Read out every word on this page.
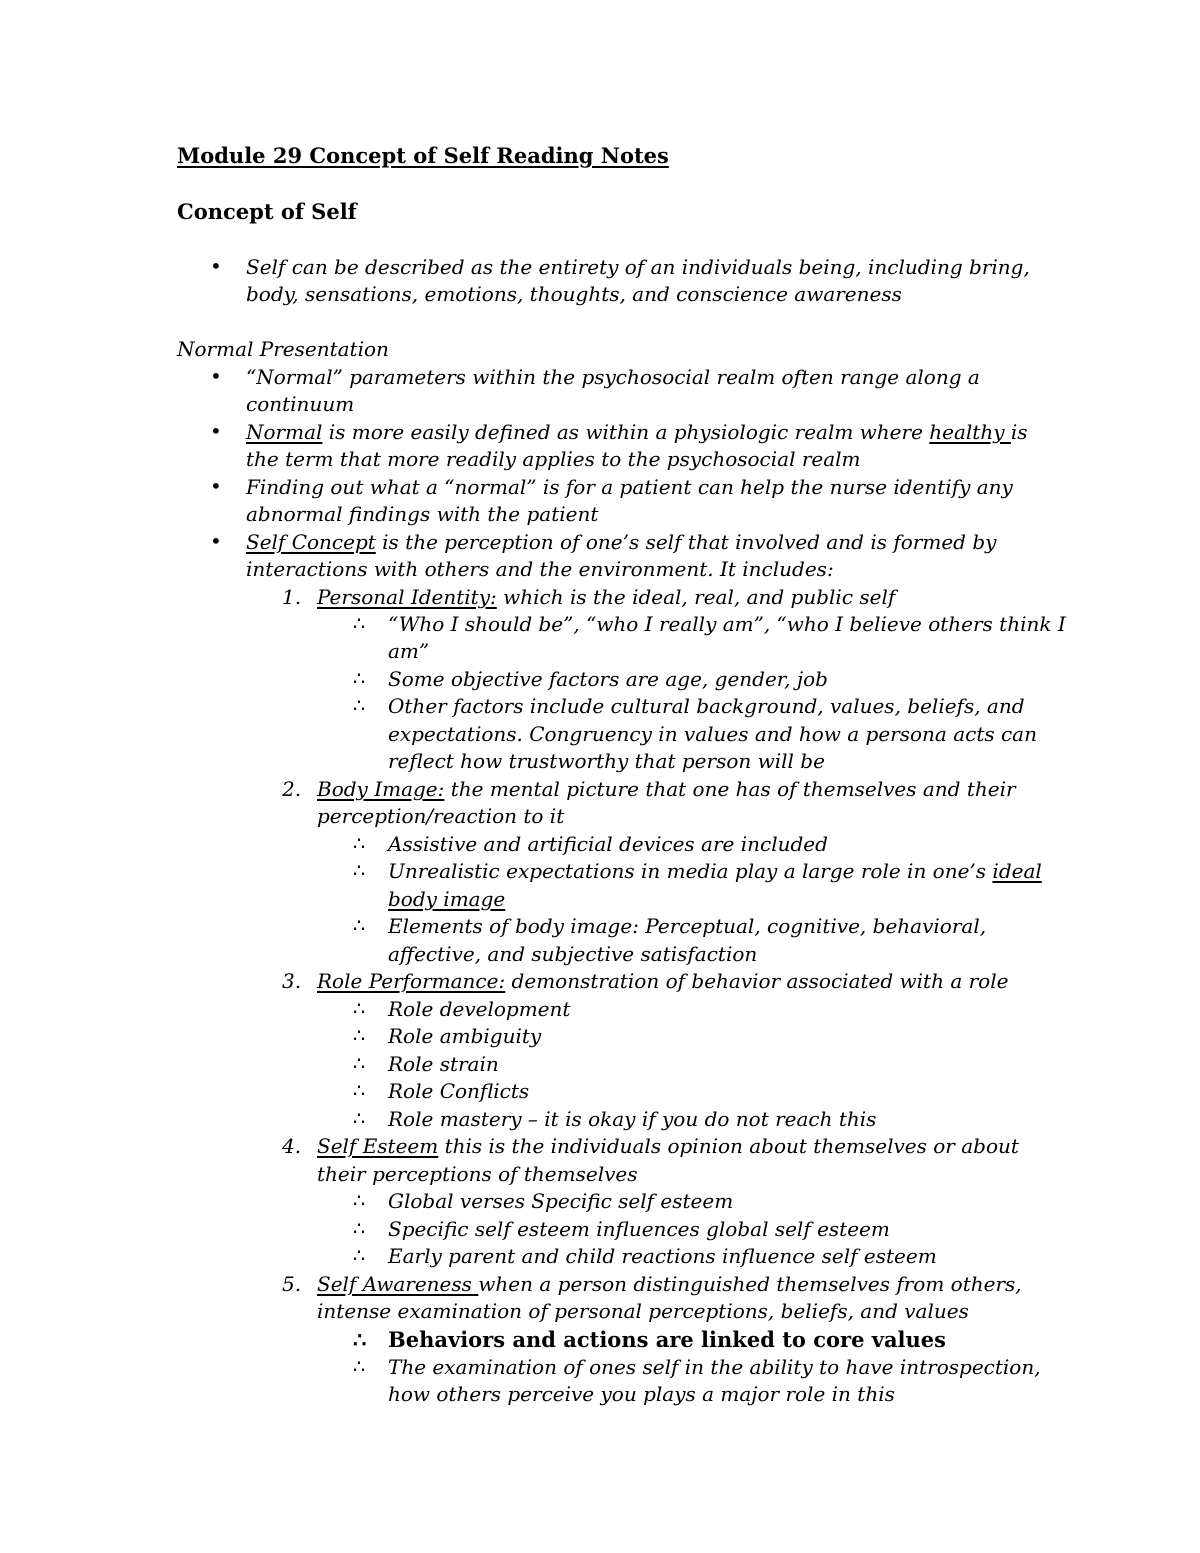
Module 29 Concept of Self Reading Notes
Concept of Self
• Self can be described as the entirety of an individuals being, including bring,
body, sensations, emotions, thoughts, and conscience awareness
Normal Presentation
• “Normal” parameters within the psychosocial realm often range along a
continuum
• Normal is more easily defined as within a physiologic realm where healthy is
the term that more readily applies to the psychosocial realm
• Finding out what a “normal” is for a patient can help the nurse identify any
abnormal findings with the patient
• Self Concept is the perception of one’s self that involved and is formed by
interactions with others and the environment. It includes:
1. Personal Identity: which is the ideal, real, and public self
∴ “Who I should be”, “who I really am”, “who I believe others think I
am”
∴ Some objective factors are age, gender, job
∴ Other factors include cultural background, values, beliefs, and
expectations. Congruency in values and how a persona acts can
reflect how trustworthy that person will be
2. Body Image: the mental picture that one has of themselves and their
perception/reaction to it
∴ Assistive and artificial devices are included
∴ Unrealistic expectations in media play a large role in one’s ideal
body image
∴ Elements of body image: Perceptual, cognitive, behavioral,
affective, and subjective satisfaction
3. Role Performance: demonstration of behavior associated with a role
∴ Role development
∴ Role ambiguity
∴ Role strain
∴ Role Conflicts
∴ Role mastery – it is okay if you do not reach this
4. Self Esteem this is the individuals opinion about themselves or about
their perceptions of themselves
∴ Global verses Specific self esteem
∴ Specific self esteem influences global self esteem
∴ Early parent and child reactions influence self esteem
5. Self Awareness when a person distinguished themselves from others,
intense examination of personal perceptions, beliefs, and values
∴ Behaviors and actions are linked to core values
∴ The examination of ones self in the ability to have introspection,
how others perceive you plays a major role in this
